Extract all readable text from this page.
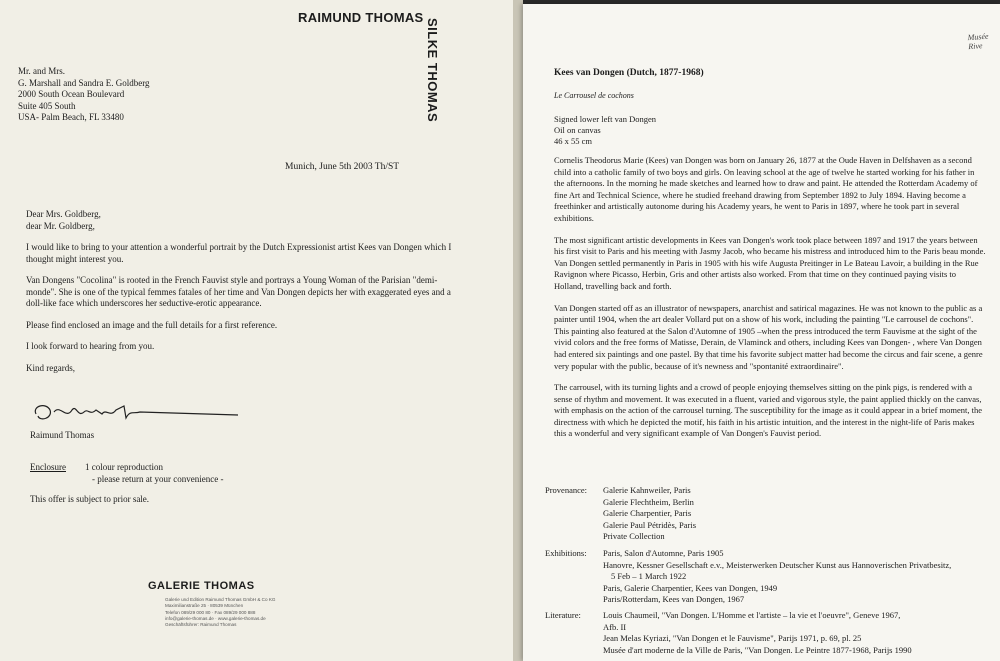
RAIMUND THOMAS
SILKE THOMAS
Mr. and Mrs.
G. Marshall and Sandra E. Goldberg
2000 South Ocean Boulevard
Suite 405 South
USA- Palm Beach, FL 33480
Munich, June 5th 2003 Th/ST

Dear Mrs. Goldberg,
dear Mr. Goldberg,

I would like to bring to your attention a wonderful portrait by the Dutch Expressionist artist Kees van Dongen which I thought might interest you.

Van Dongens "Cocolina" is rooted in the French Fauvist style and portrays a Young Woman of the Parisian "demi-monde". She is one of the typical femmes fatales of her time and Van Dongen depicts her with exaggerated eyes and a doll-like face which underscores her seductive-erotic appearance.

Please find enclosed an image and the full details for a first reference.

I look forward to hearing from you.

Kind regards,

Raimund Thomas
Enclosure 1 colour reproduction
- please return at your convenience -
This offer is subject to prior sale.
GALERIE THOMAS
Galerie und Edition Raimund Thomas GmbH & Co KG
Maximilianstraße 25 · 80539 München
Telefon 089/29 000 80 · Fax 089/29 000 888
info@galerie-thomas.de · www.galerie-thomas.de
Geschäftsführer: Raimund Thomas
Musée Rive
Kees van Dongen (Dutch, 1877-1968)
Le Carrousel de cochons
Signed lower left van Dongen
Oil on canvas
46 x 55 cm

Cornelis Theodorus Marie (Kees) van Dongen was born on January 26, 1877 at the Oude Haven in Delfshaven as a second child into a catholic family of two boys and girls. On leaving school at the age of twelve he started working for his father in the afternoons. In the morning he made sketches and learned how to draw and paint. He attended the Rotterdam Academy of fine Art and Technical Science, where he studied freehand drawing from September 1892 to July 1894. Having become a freethinker and artistically autonome during his Academy years, he went to Paris in 1897, where he took part in several exhibitions.

The most significant artistic developments in Kees van Dongen's work took place between 1897 and 1917 the years between his first visit to Paris and his meeting with Jasmy Jacob, who became his mistress and introduced him to the Paris beau monde. Van Dongen settled permanently in Paris in 1905 with his wife Augusta Preitinger in Le Bateau Lavoir, a building in the Rue Ravignon where Picasso, Herbin, Gris and other artists also worked. From that time on they continued paying visits to Holland, travelling back and forth.

Van Dongen started off as an illustrator of newspapers, anarchist and satirical magazines. He was not known to the public as a painter until 1904, when the art dealer Vollard put on a show of his work, including the painting "Le carrousel de cochons".
This painting also featured at the Salon d'Automne of 1905 –when the press introduced the term Fauvisme at the sight of the vivid colors and the free forms of Matisse, Derain, de Vlaminck and others, including Kees van Dongen- , where Van Dongen had entered six paintings and one pastel. By that time his favorite subject matter had become the circus and fair scene, a genre very popular with the public, because of it's newness and "spontanité extraordinaire".

The carrousel, with its turning lights and a crowd of people enjoying themselves sitting on the pink pigs, is rendered with a sense of rhythm and movement. It was executed in a fluent, varied and vigorous style, the paint applied thickly on the canvas, with emphasis on the action of the carrousel turning. The susceptibility for the image as it could appear in a brief moment, the directness with which he depicted the motif, his faith in his artistic intuition, and the interest in the night-life of Paris makes this a wonderful and very significant example of Van Dongen's Fauvist period.

Provenance:	Galerie Kahnweiler, Paris
Galerie Flechtheim, Berlin
Galerie Charpentier, Paris
Galerie Paul Pétridès, Paris
Private Collection
Exhibitions:	Paris, Salon d'Automne, Paris 1905
Hanovre, Kessner Gesellschaft e.v., Meisterwerken Deutscher Kunst aus Hannoverischen Privatbesitz,
5 Feb – 1 March 1922
Paris, Galerie Charpentier, Kees van Dongen, 1949
Paris/Rotterdam, Kees van Dongen, 1967
Literature:	Louis Chaumeil, "Van Dongen. L'Homme et l'artiste – la vie et l'oeuvre", Geneve 1967,
Afb. II
Jean Melas Kyriazi, "Van Dongen et le Fauvisme", Parijs 1971, p. 69, pl. 25
Musée d'art moderne de la Ville de Paris, "Van Dongen. Le Peintre 1877-1968, Parijs 1990
